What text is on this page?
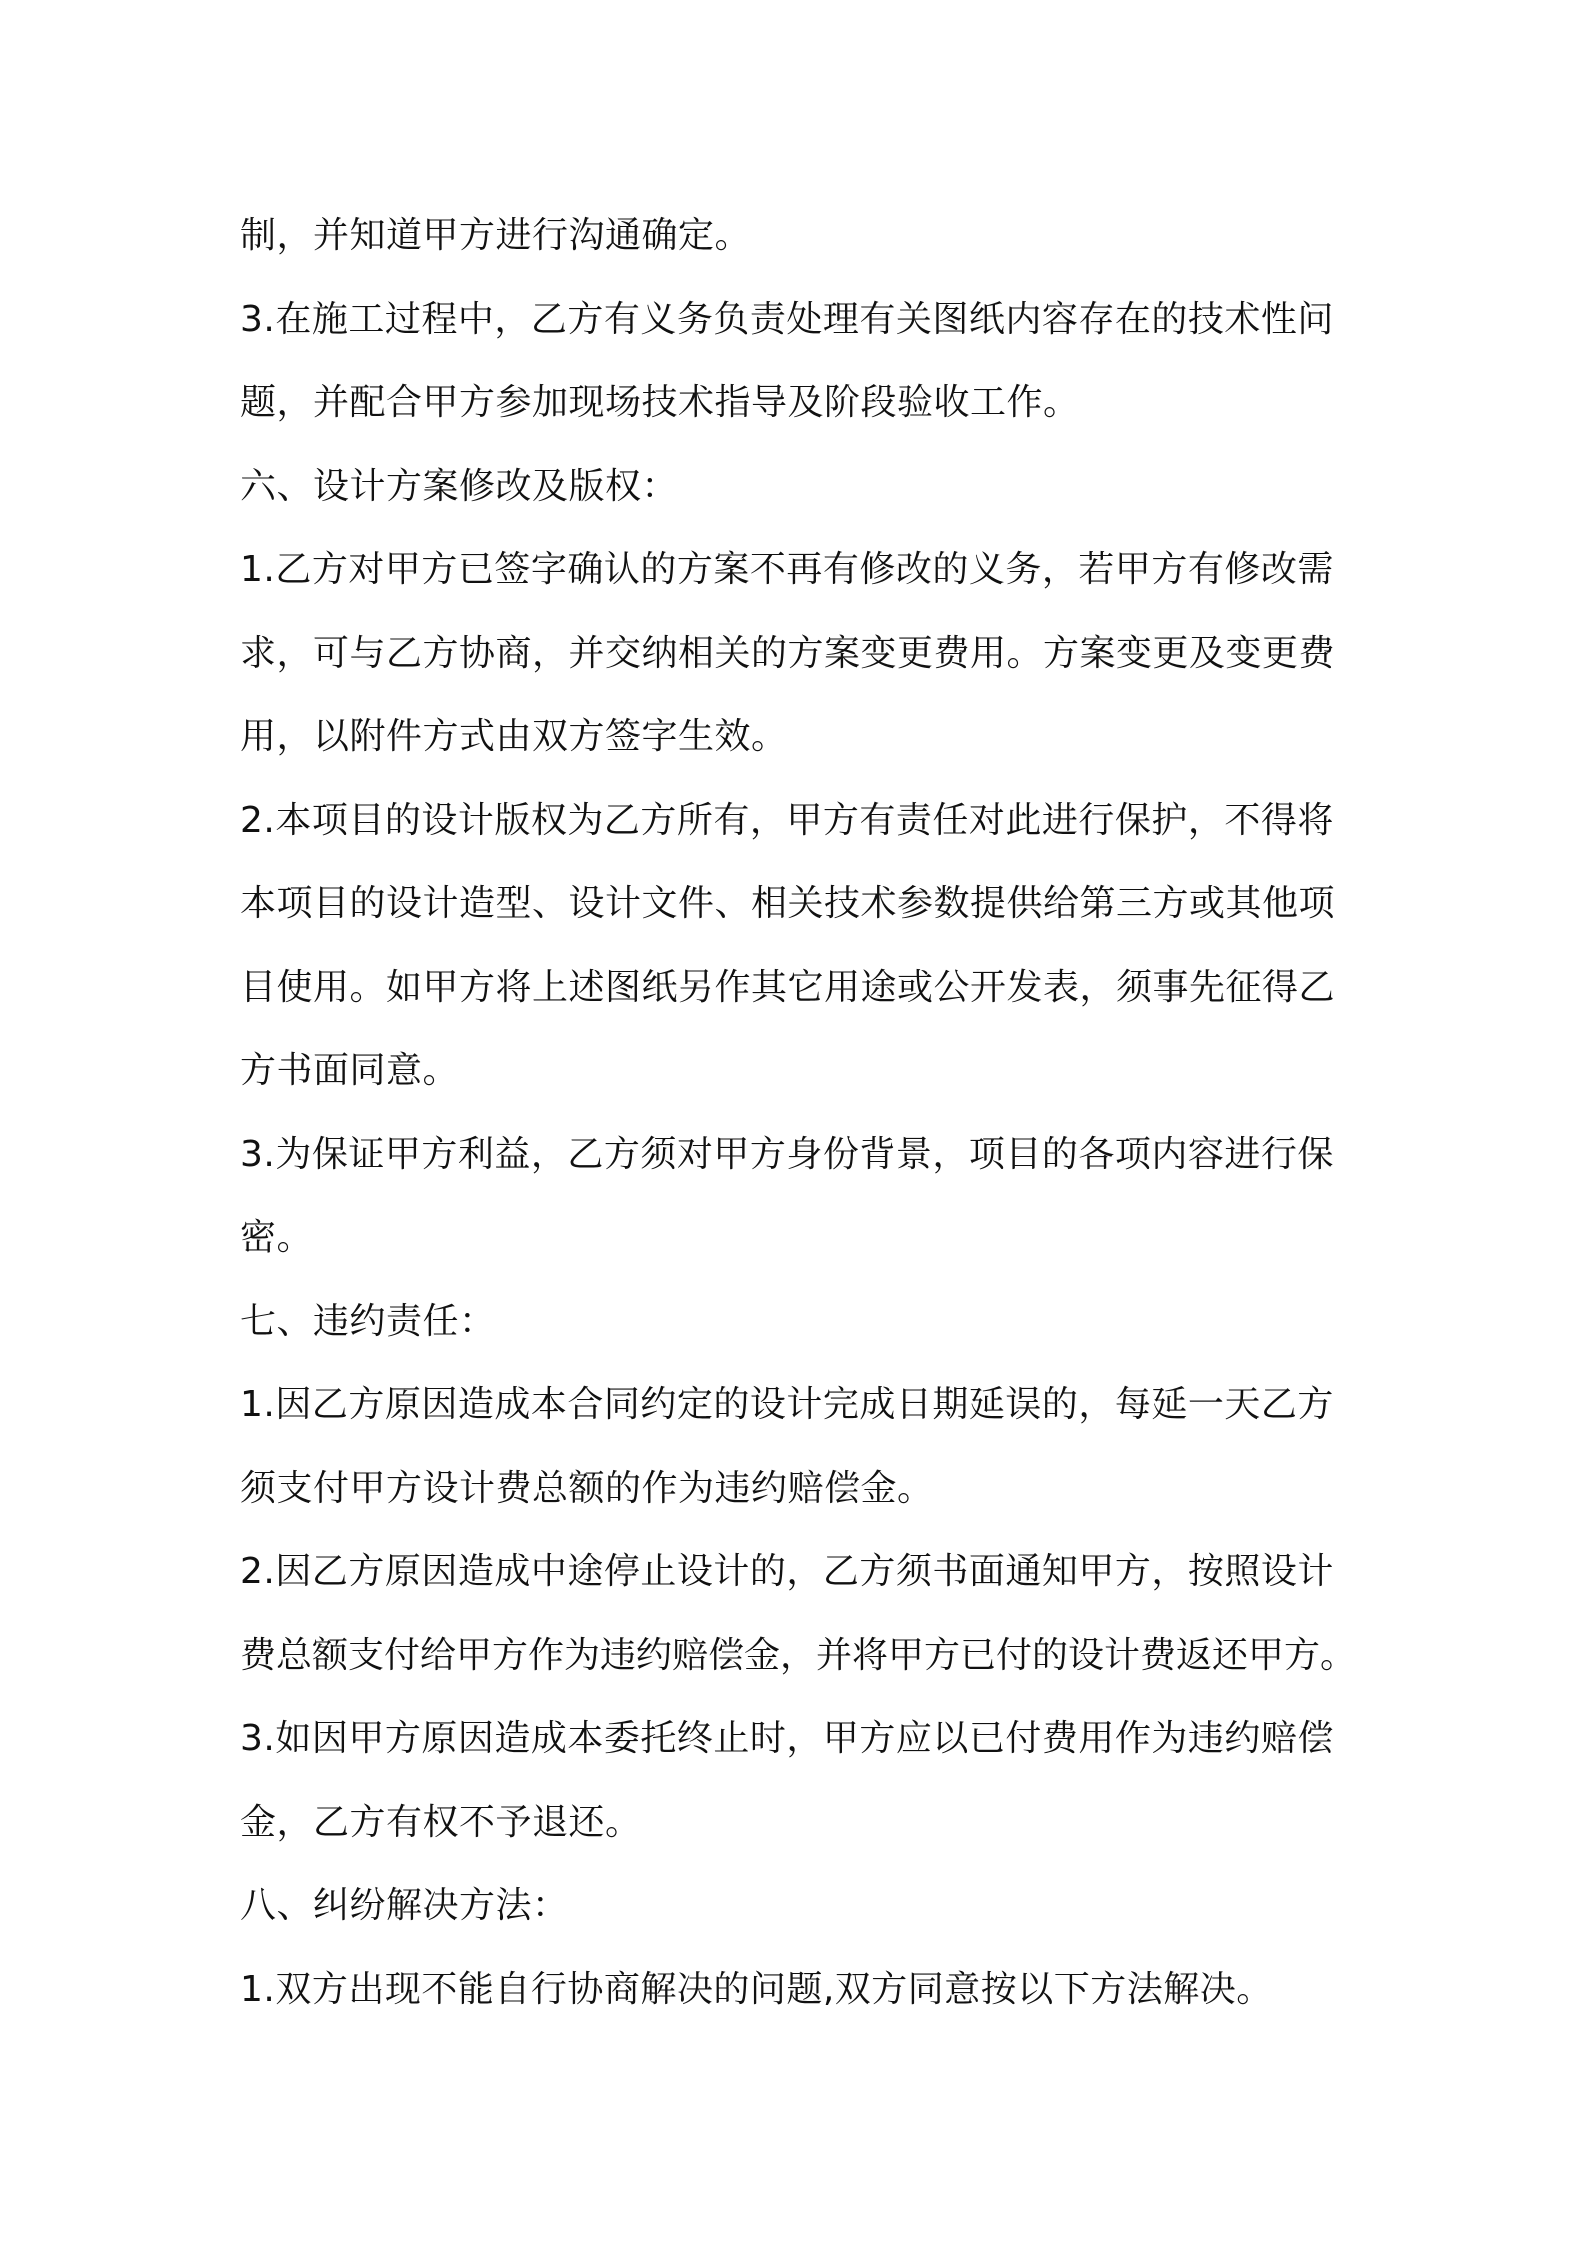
制，并知道甲方进行沟通确定。
3.在施工过程中，乙方有义务负责处理有关图纸内容存在的技术性问
题，并配合甲方参加现场技术指导及阶段验收工作。
六、设计方案修改及版权：
1.乙方对甲方已签字确认的方案不再有修改的义务，若甲方有修改需
求，可与乙方协商，并交纳相关的方案变更费用。方案变更及变更费
用，以附件方式由双方签字生效。
2.本项目的设计版权为乙方所有，甲方有责任对此进行保护，不得将
本项目的设计造型、设计文件、相关技术参数提供给第三方或其他项
目使用。如甲方将上述图纸另作其它用途或公开发表，须事先征得乙
方书面同意。
3.为保证甲方利益，乙方须对甲方身份背景，项目的各项内容进行保
密。
七、违约责任：
1.因乙方原因造成本合同约定的设计完成日期延误的，每延一天乙方
须支付甲方设计费总额的作为违约赔偿金。
2.因乙方原因造成中途停止设计的，乙方须书面通知甲方，按照设计
费总额支付给甲方作为违约赔偿金，并将甲方已付的设计费返还甲方。
3.如因甲方原因造成本委托终止时，甲方应以已付费用作为违约赔偿
金，乙方有权不予退还。
八、纠纷解决方法：
1.双方出现不能自行协商解决的问题,双方同意按以下方法解决。
